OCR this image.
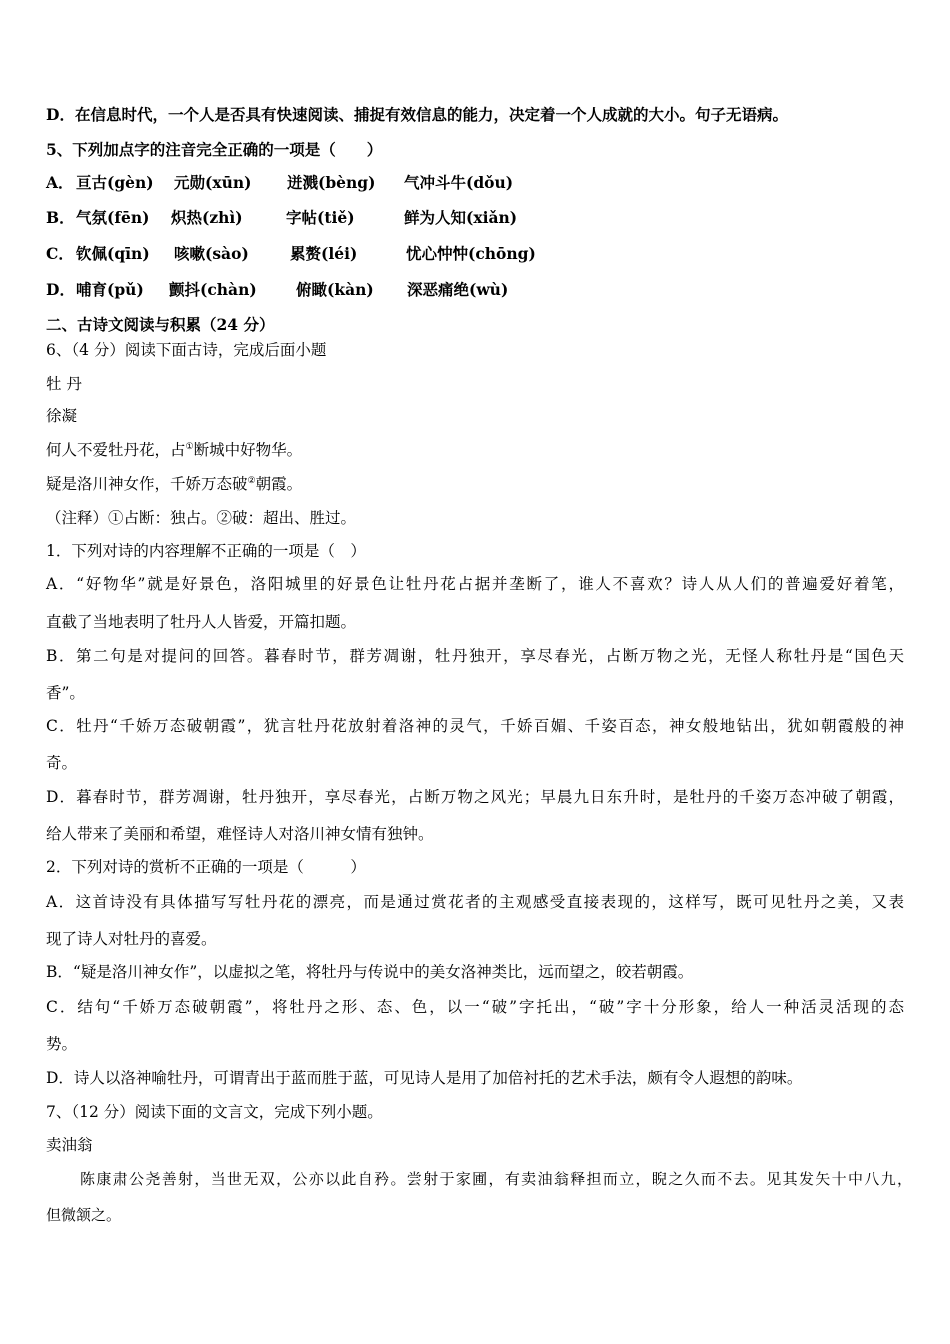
D．在信息时代，一个人是否具有快速阅读、捕捉有效信息的能力，决定着一个人成就的大小。句子无语病。
5、下列加点字的注音完全正确的一项是（　　）
A． 亘古(gèn) 元勋(xūn) 迸溅(bèng) 气冲斗牛(dǒu)
B． 气氛(fēn) 炽热(zhì)	字帖(tiě)	鲜为人知(xiǎn)
C． 钦佩(qīn) 咳嗽(sào)	累赘(léi)	忧心忡忡(chōng)
D． 哺育(pǔ) 颤抖(chàn)	俯瞰(kàn) 深恶痛绝(wù)
二、古诗文阅读与积累（24 分）
6、（4 分）阅读下面古诗，完成后面小题
牡 丹
徐凝
何人不爱牡丹花，占①断城中好物华。
疑是洛川神女作，千娇万态破②朝霞。
（注释）①占断：独占。②破：超出、胜过。
1．下列对诗的内容理解不正确的一项是（　）
A．“好物华”就是好景色，洛阳城里的好景色让牡丹花占据并垄断了，谁人不喜欢？诗人从人们的普遍爱好着笔，
直截了当地表明了牡丹人人皆爱，开篇扣题。
B．第二句是对提问的回答。暮春时节，群芳凋谢，牡丹独开，享尽春光，占断万物之光，无怪人称牡丹是“国色天
香”。
C．牡丹“千娇万态破朝霞”，犹言牡丹花放射着洛神的灵气，千娇百媚、千姿百态，神女般地钻出，犹如朝霞般的神
奇。
D．暮春时节，群芳凋谢，牡丹独开，享尽春光，占断万物之风光；早晨九日东升时，是牡丹的千姿万态冲破了朝霞，
给人带来了美丽和希望，难怪诗人对洛川神女情有独钟。
2．下列对诗的赏析不正确的一项是（　　　）
A．这首诗没有具体描写写牡丹花的漂亮，而是通过赏花者的主观感受直接表现的，这样写，既可见牡丹之美，又表
现了诗人对牡丹的喜爱。
B．“疑是洛川神女作”，以虚拟之笔，将牡丹与传说中的美女洛神类比，远而望之，皎若朝霞。
C．结句“千娇万态破朝霞”，将牡丹之形、态、色，以一“破”字托出，“破”字十分形象，给人一种活灵活现的态
势。
D．诗人以洛神喻牡丹，可谓青出于蓝而胜于蓝，可见诗人是用了加倍衬托的艺术手法，颇有令人遐想的韵味。
7、（12 分）阅读下面的文言文，完成下列小题。
卖油翁
陈康肃公尧善射，当世无双，公亦以此自矜。尝射于家圃，有卖油翁释担而立，睨之久而不去。见其发矢十中八九，
但微颔之。
